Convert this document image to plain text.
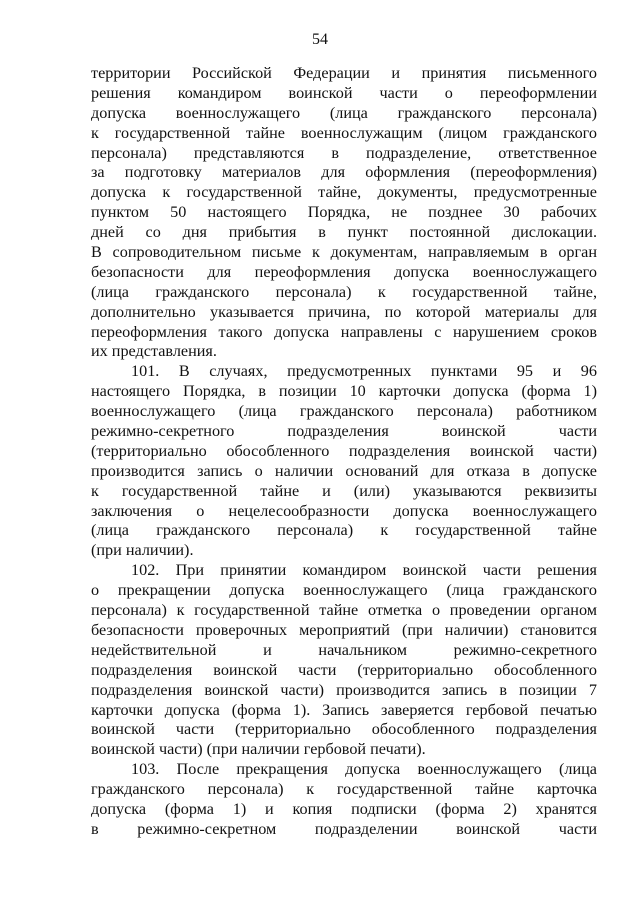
54
территории Российской Федерации и принятия письменного
решения командиром воинской части о переоформлении
допуска военнослужащего (лица гражданского персонала)
к государственной тайне военнослужащим (лицом гражданского
персонала) представляются в подразделение, ответственное
за подготовку материалов для оформления (переоформления)
допуска к государственной тайне, документы, предусмотренные
пунктом 50 настоящего Порядка, не позднее 30 рабочих
дней со дня прибытия в пункт постоянной дислокации.
В сопроводительном письме к документам, направляемым в орган
безопасности для переоформления допуска военнослужащего
(лица гражданского персонала) к государственной тайне,
дополнительно указывается причина, по которой материалы для
переоформления такого допуска направлены с нарушением сроков
их представления.
101. В случаях, предусмотренных пунктами 95 и 96
настоящего Порядка, в позиции 10 карточки допуска (форма 1)
военнослужащего (лица гражданского персонала) работником
режимно-секретного подразделения воинской части
(территориально обособленного подразделения воинской части)
производится запись о наличии оснований для отказа в допуске
к государственной тайне и (или) указываются реквизиты
заключения о нецелесообразности допуска военнослужащего
(лица гражданского персонала) к государственной тайне
(при наличии).
102. При принятии командиром воинской части решения
о прекращении допуска военнослужащего (лица гражданского
персонала) к государственной тайне отметка о проведении органом
безопасности проверочных мероприятий (при наличии) становится
недействительной и начальником режимно-секретного
подразделения воинской части (территориально обособленного
подразделения воинской части) производится запись в позиции 7
карточки допуска (форма 1). Запись заверяется гербовой печатью
воинской части (территориально обособленного подразделения
воинской части) (при наличии гербовой печати).
103. После прекращения допуска военнослужащего (лица
гражданского персонала) к государственной тайне карточка
допуска (форма 1) и копия подписки (форма 2) хранятся
в режимно-секретном подразделении воинской части
